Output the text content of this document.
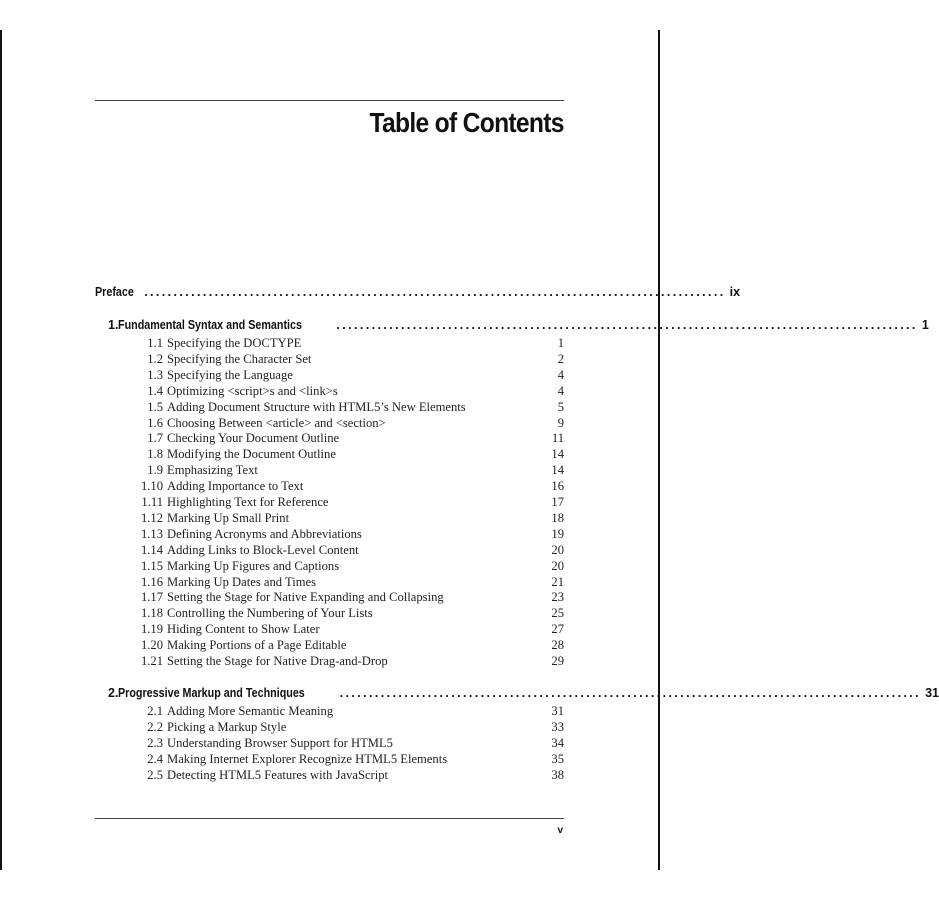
Table of Contents
Preface ................................................................................................... ix
1. Fundamental Syntax and Semantics	................................................................................................... 1
1.1 Specifying the DOCTYPE	1
1.2 Specifying the Character Set	2
1.3 Specifying the Language	4
1.4 Optimizing <script>s and <link>s	4
1.5 Adding Document Structure with HTML5’s New Elements	5
1.6 Choosing Between <article> and <section>	9
1.7 Checking Your Document Outline	11
1.8 Modifying the Document Outline	14
1.9 Emphasizing Text	14
1.10 Adding Importance to Text	16
1.11 Highlighting Text for Reference	17
1.12 Marking Up Small Print	18
1.13 Defining Acronyms and Abbreviations	19
1.14 Adding Links to Block-Level Content	20
1.15 Marking Up Figures and Captions	20
1.16 Marking Up Dates and Times	21
1.17 Setting the Stage for Native Expanding and Collapsing	23
1.18 Controlling the Numbering of Your Lists	25
1.19 Hiding Content to Show Later	27
1.20 Making Portions of a Page Editable	28
1.21 Setting the Stage for Native Drag-and-Drop	29
2. Progressive Markup and Techniques	................................................................................................... 31
2.1 Adding More Semantic Meaning	31
2.2 Picking a Markup Style	33
2.3 Understanding Browser Support for HTML5	34
2.4 Making Internet Explorer Recognize HTML5 Elements	35
2.5 Detecting HTML5 Features with JavaScript	38
v
